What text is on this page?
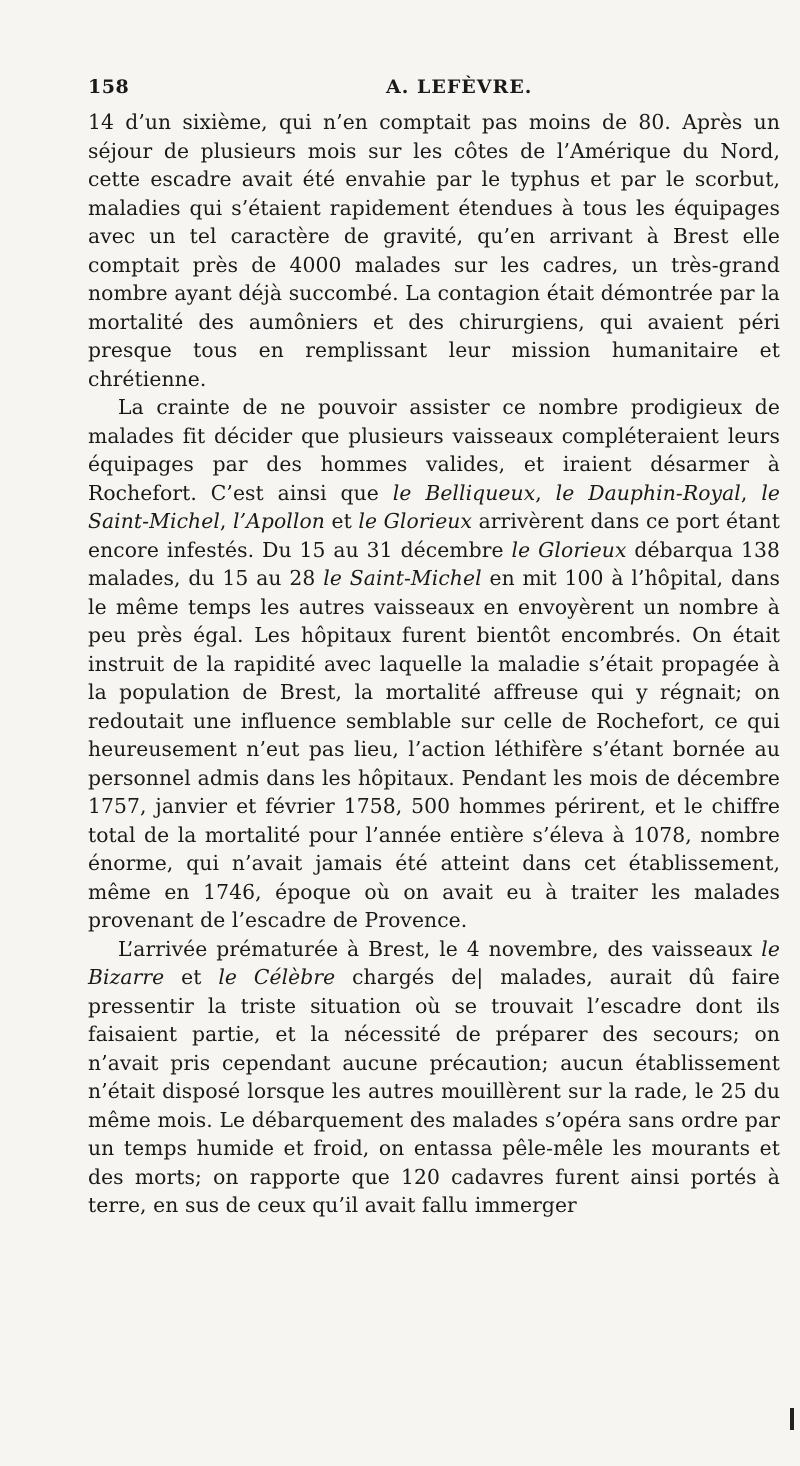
158	A. LEFÈVRE.

14 d’un sixième, qui n’en comptait pas moins de 80. Après un séjour de plusieurs mois sur les côtes de l’Amérique du Nord, cette escadre avait été envahie par le typhus et par le scorbut, maladies qui s’étaient rapidement étendues à tous les équipages avec un tel caractère de gravité, qu’en arrivant à Brest elle comptait près de 4000 malades sur les cadres, un très-grand nombre ayant déjà succombé. La contagion était démontrée par la mortalité des aumôniers et des chirurgiens, qui avaient péri presque tous en remplissant leur mission humanitaire et chrétienne.

La crainte de ne pouvoir assister ce nombre prodigieux de malades fit décider que plusieurs vaisseaux compléteraient leurs équipages par des hommes valides, et iraient désarmer à Rochefort. C’est ainsi que le Belliqueux, le Dauphin-Royal, le Saint-Michel, l’Apollon et le Glorieux arrivèrent dans ce port étant encore infestés. Du 15 au 31 décembre le Glorieux débarqua 138 malades, du 15 au 28 le Saint-Michel en mit 100 à l’hôpital, dans le même temps les autres vaisseaux en envoyèrent un nombre à peu près égal. Les hôpitaux furent bientôt encombrés. On était instruit de la rapidité avec laquelle la maladie s’était propagée à la population de Brest, la mortalité affreuse qui y régnait; on redoutait une influence semblable sur celle de Rochefort, ce qui heureusement n’eut pas lieu, l’action léthifère s’étant bornée au personnel admis dans les hôpitaux. Pendant les mois de décembre 1757, janvier et février 1758, 500 hommes périrent, et le chiffre total de la mortalité pour l’année entière s’éleva à 1078, nombre énorme, qui n’avait jamais été atteint dans cet établissement, même en 1746, époque où on avait eu à traiter les malades provenant de l’escadre de Provence.

L’arrivée prématurée à Brest, le 4 novembre, des vaisseaux le Bizarre et le Célèbre chargés de| malades, aurait dû faire pressentir la triste situation où se trouvait l’escadre dont ils faisaient partie, et la nécessité de préparer des secours; on n’avait pris cependant aucune précaution; aucun établissement n’était disposé lorsque les autres mouillèrent sur la rade, le 25 du même mois. Le débarquement des malades s’opéra sans ordre par un temps humide et froid, on entassa pêle-mêle les mourants et des morts; on rapporte que 120 cadavres furent ainsi portés à terre, en sus de ceux qu’il avait fallu immerger
